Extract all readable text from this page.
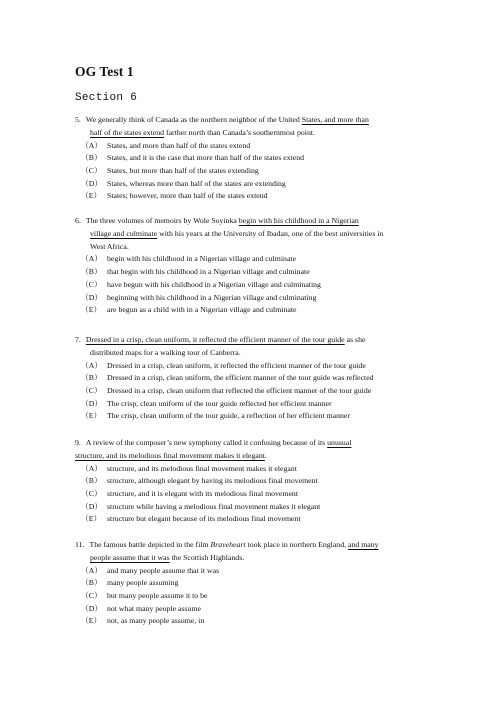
OG Test 1
Section 6
5. We generally think of Canada as the northern neighbor of the United States, and more than
half of the states extend farther north than Canada’s southernmost point.
（A） States, and more than half of the states extend
（B） States, and it is the case that more than half of the states extend
（C） States, but more than half of the states extending
（D） States, whereas more than half of the states are extending
（E） States; however, more than half of the states extend
6. The three volumes of memoirs by Wole Soyinka begin with his childhood in a Nigerian
village and culminate with his years at the University of Ibadan, one of the best universities in
West Africa.
（A） begin with his childhood in a Nigerian village and culminate
（B） that begin with his childhood in a Nigerian village and culminate
（C） have begun with his childhood in a Nigerian village and culminating
（D） beginning with his childhood in a Nigerian village and culminating
（E） are begun as a child with in a Nigerian village and culminate
7. Dressed in a crisp, clean uniform, it reflected the efficient manner of the tour guide as she
distributed maps for a walking tour of Canberra.
（A） Dressed in a crisp, clean uniform, it reflected the efficient manner of the tour guide
（B） Dressed in a crisp, clean uniform, the efficient manner of the tour guide was reflected
（C） Dressed in a crisp, clean uniform that reflected the efficient manner of the tour guide
（D） The crisp, clean uniform of the tour guide reflected her efficient manner
（E） The crisp, clean uniform of the tour guide, a reflection of her efficient manner
9. A review of the composer’s new symphony called it confusing because of its unusual
structure, and its melodious final movement makes it elegant.
（A） structure, and its melodious final movement makes it elegant
（B） structure, although elegant by having its melodious final movement
（C） structure, and it is elegant with its melodious final movement
（D） structure while having a melodious final movement makes it elegant
（E） structure but elegant because of its melodious final movement
11. The famous battle depicted in the film Braveheart took place in northern England, and many
people assume that it was the Scottish Highlands.
（A） and many people assume that it was
（B） many people assuming
（C） but many people assume it to be
（D） not what many people assume
（E） not, as many people assume, in
